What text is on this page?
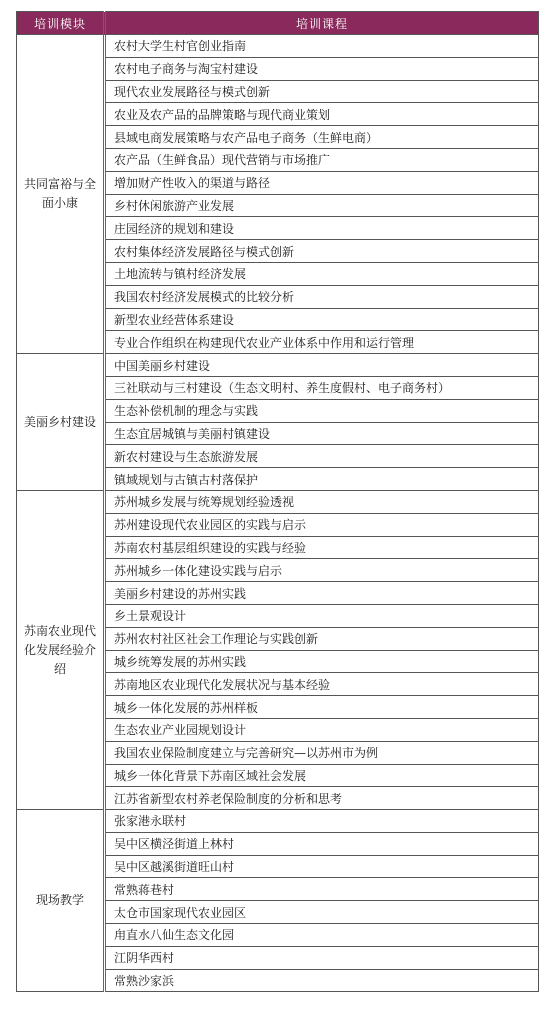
培训模块	培训课程
共同富裕与全面小康	农村大学生村官创业指南
	农村电子商务与淘宝村建设
	现代农业发展路径与模式创新
	农业及农产品的品牌策略与现代商业策划
	县域电商发展策略与农产品电子商务（生鲜电商）
	农产品（生鲜食品）现代营销与市场推广
	增加财产性收入的渠道与路径
	乡村休闲旅游产业发展
	庄园经济的规划和建设
	农村集体经济发展路径与模式创新
	土地流转与镇村经济发展
	我国农村经济发展模式的比较分析
	新型农业经营体系建设
	专业合作组织在构建现代农业产业体系中作用和运行管理
美丽乡村建设	中国美丽乡村建设
	三社联动与三村建设（生态文明村、养生度假村、电子商务村）
	生态补偿机制的理念与实践
	生态宜居城镇与美丽村镇建设
	新农村建设与生态旅游发展
	镇域规划与古镇古村落保护
苏南农业现代化发展经验介绍	苏州城乡发展与统筹规划经验透视
	苏州建设现代农业园区的实践与启示
	苏南农村基层组织建设的实践与经验
	苏州城乡一体化建设实践与启示
	美丽乡村建设的苏州实践
	乡土景观设计
	苏州农村社区社会工作理论与实践创新
	城乡统筹发展的苏州实践
	苏南地区农业现代化发展状况与基本经验
	城乡一体化发展的苏州样板
	生态农业产业园规划设计
	我国农业保险制度建立与完善研究—以苏州市为例
	城乡一体化背景下苏南区域社会发展
	江苏省新型农村养老保险制度的分析和思考
现场教学	张家港永联村
	吴中区横泾街道上林村
	吴中区越溪街道旺山村
	常熟蒋巷村
	太仓市国家现代农业园区
	甪直水八仙生态文化园
	江阴华西村
	常熟沙家浜
